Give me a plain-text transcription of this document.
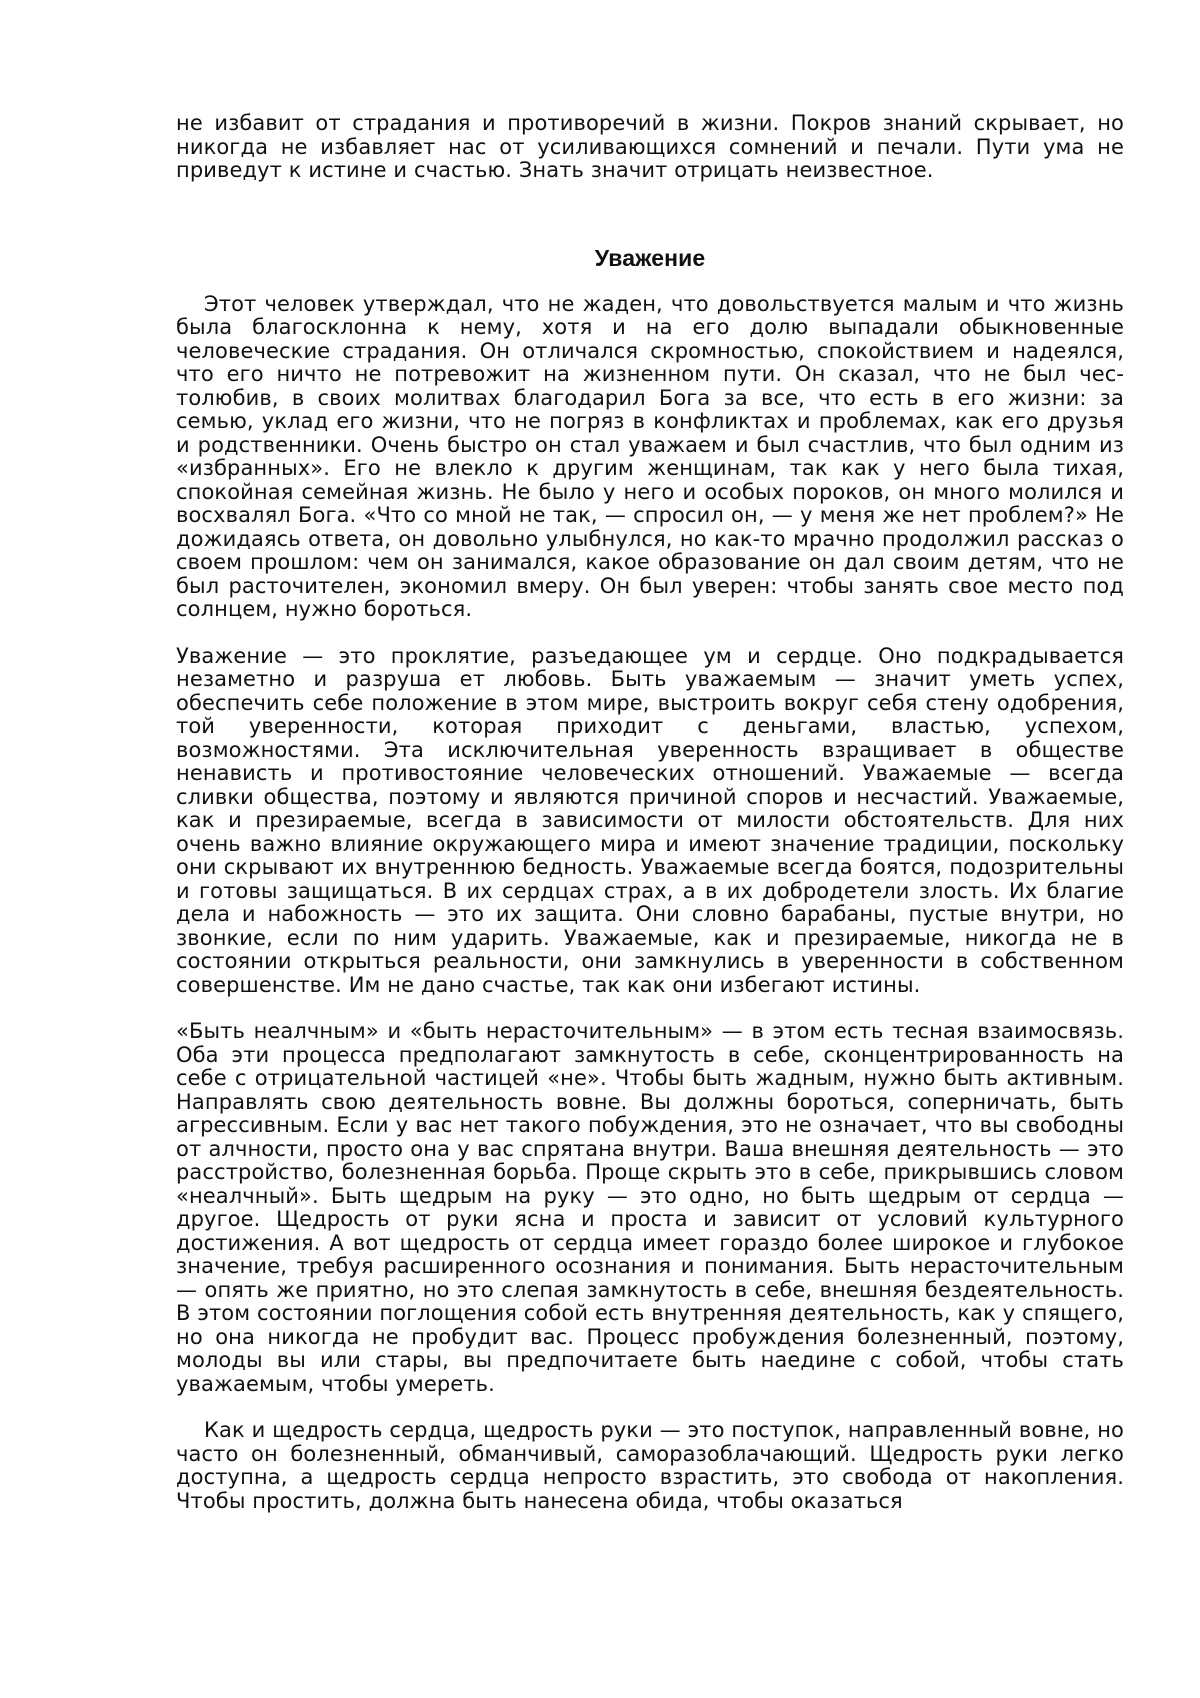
не избавит от страдания и противоречий в жизни. Покров знаний скрывает, но никогда не избавляет нас от усиливающихся сомнений и печали. Пути ума не приведут к истине и счастью. Знать значит отрицать неизвестное.

Уважение

Этот человек утверждал, что не жаден, что довольствуется малым и что жизнь была благосклонна к нему, хотя и на его долю выпадали обыкновенные человеческие страдания. Он отличался скромностью, спокойствием и надеялся, что его ничто не потревожит на жизненном пути. Он сказал, что не был честолюбив, в своих молитвах благодарил Бога за все, что есть в его жизни: за семью, уклад его жизни, что не погряз в конфликтах и проблемах, как его друзья и родственники. Очень быстро он стал уважаем и был счастлив, что был одним из «избранных». Его не влекло к другим женщинам, так как у него была тихая, спокойная семейная жизнь. Не было у него и особых пороков, он много молился и восхвалял Бога. «Что со мной не так, — спросил он, — у меня же нет проблем?» Не дожидаясь ответа, он довольно улыбнулся, но как-то мрачно продолжил рассказ о своем прошлом: чем он занимался, какое образование он дал своим детям, что не был расточителен, экономил вмеру. Он был уверен: чтобы занять свое место под солнцем, нужно бороться.

Уважение — это проклятие, разъедающее ум и сердце. Оно подкрадывается незаметно и разруша ет любовь. Быть уважаемым — значит уметь успех, обеспечить себе положение в этом мире, выстроить вокруг себя стену одобрения, той уверенности, которая приходит с деньгами, властью, успехом, возможностями. Эта исключительная уверенность взращивает в обществе ненависть и противостояние человеческих отношений. Уважаемые — всегда сливки общества, поэтому и являются причиной споров и несчастий. Уважаемые, как и презираемые, всегда в зависимости от милости обстоятельств. Для них очень важно влияние окружающего мира и имеют значение традиции, поскольку они скрывают их внутреннюю бедность. Уважаемые всегда боятся, подозрительны и готовы защищаться. В их сердцах страх, а в их добродетели злость. Их благие дела и набожность — это их защита. Они словно барабаны, пустые внутри, но звонкие, если по ним ударить. Уважаемые, как и презираемые, никогда не в состоянии открыться реальности, они замкнулись в уверенности в собственном совершенстве. Им не дано счастье, так как они избегают истины.

«Быть неалчным» и «быть нерасточительным» — в этом есть тесная взаимосвязь. Оба эти процесса предполагают замкнутость в себе, сконцентрированность на себе с отрицательной частицей «не». Чтобы быть жадным, нужно быть активным. Направлять свою деятельность вовне. Вы должны бороться, соперничать, быть агрессивным. Если у вас нет такого побуждения, это не означает, что вы свободны от алчности, просто она у вас спрятана внутри. Ваша внешняя деятельность — это расстройство, болезненная борьба. Проще скрыть это в себе, прикрывшись словом «неалчный». Быть щедрым на руку — это одно, но быть щедрым от сердца — другое. Щедрость от руки ясна и проста и зависит от условий культурного достижения. А вот щедрость от сердца имеет гораздо более широкое и глубокое значение, требуя расширенного осознания и понимания. Быть нерасточительным — опять же приятно, но это слепая замкнутость в себе, внешняя бездеятельность. В этом состоянии поглощения собой есть внутренняя деятельность, как у спящего, но она никогда не пробудит вас. Процесс пробуждения болезненный, поэтому, молоды вы или стары, вы предпочитаете быть наедине с собой, чтобы стать уважаемым, чтобы умереть.

Как и щедрость сердца, щедрость руки — это поступок, направленный вовне, но часто он болезненный, обманчивый, саморазоблачающий. Щедрость руки легко доступна, а щедрость сердца непросто взрастить, это свобода от накопления. Чтобы простить, должна быть нанесена обида, чтобы оказаться
